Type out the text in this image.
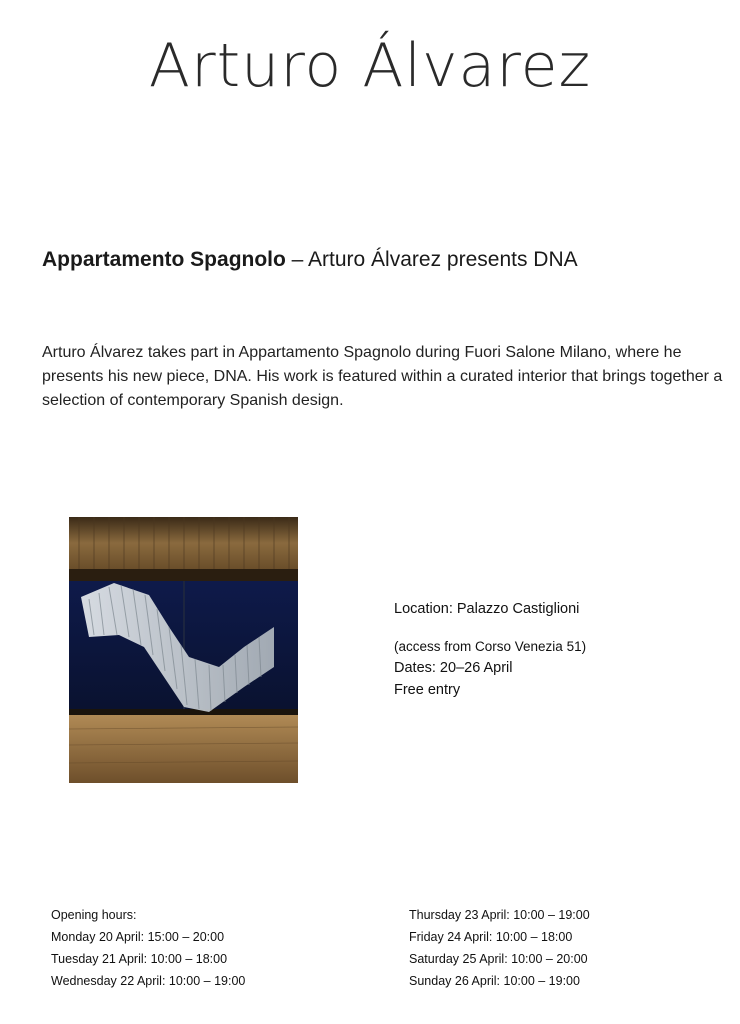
Arturo Álvarez
Appartamento Spagnolo – Arturo Álvarez presents DNA

Arturo Álvarez takes part in Appartamento Spagnolo during Fuori Salone Milano, where he presents his new piece, DNA. His work is featured within a curated interior that brings together a selection of contemporary Spanish design.

Location: Palazzo Castiglioni
(access from Corso Venezia 51)
Dates: 20–26 April
Free entry
Opening hours:
Monday 20 April: 15:00 – 20:00
Tuesday 21 April: 10:00 – 18:00
Wednesday 22 April: 10:00 – 19:00
Thursday 23 April: 10:00 – 19:00
Friday 24 April: 10:00 – 18:00
Saturday 25 April: 10:00 – 20:00
Sunday 26 April: 10:00 – 19:00
